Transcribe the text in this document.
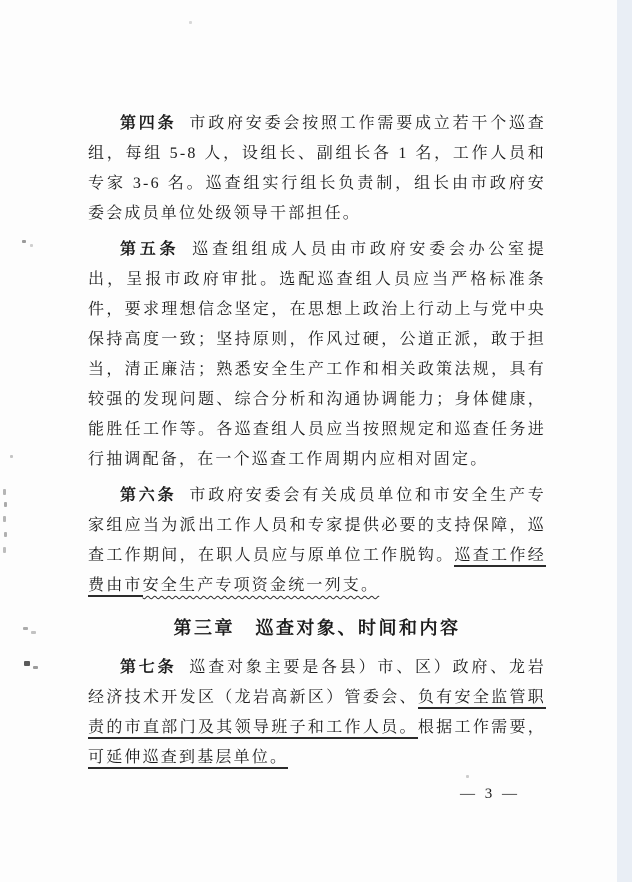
第四条 市政府安委会按照工作需要成立若干个巡查组，每组 5-8 人，设组长、副组长各 1 名，工作人员和专家 3-6 名。巡查组实行组长负责制，组长由市政府安委会成员单位处级领导干部担任。

第五条 巡查组组成人员由市政府安委会办公室提出，呈报市政府审批。选配巡查组人员应当严格标准条件，要求理想信念坚定，在思想上政治上行动上与党中央保持高度一致；坚持原则，作风过硬，公道正派，敢于担当，清正廉洁；熟悉安全生产工作和相关政策法规，具有较强的发现问题、综合分析和沟通协调能力；身体健康，能胜任工作等。各巡查组人员应当按照规定和巡查任务进行抽调配备，在一个巡查工作周期内应相对固定。

第六条 市政府安委会有关成员单位和市安全生产专家组应当为派出工作人员和专家提供必要的支持保障，巡查工作期间，在职人员应与原单位工作脱钩。巡查工作经费由市安全生产专项资金统一列支。

第三章　巡查对象、时间和内容

第七条 巡查对象主要是各县）市、区）政府、龙岩经济技术开发区（龙岩高新区）管委会、负有安全监管职责的市直部门及其领导班子和工作人员。根据工作需要，可延伸巡查到基层单位。

— 3 —
